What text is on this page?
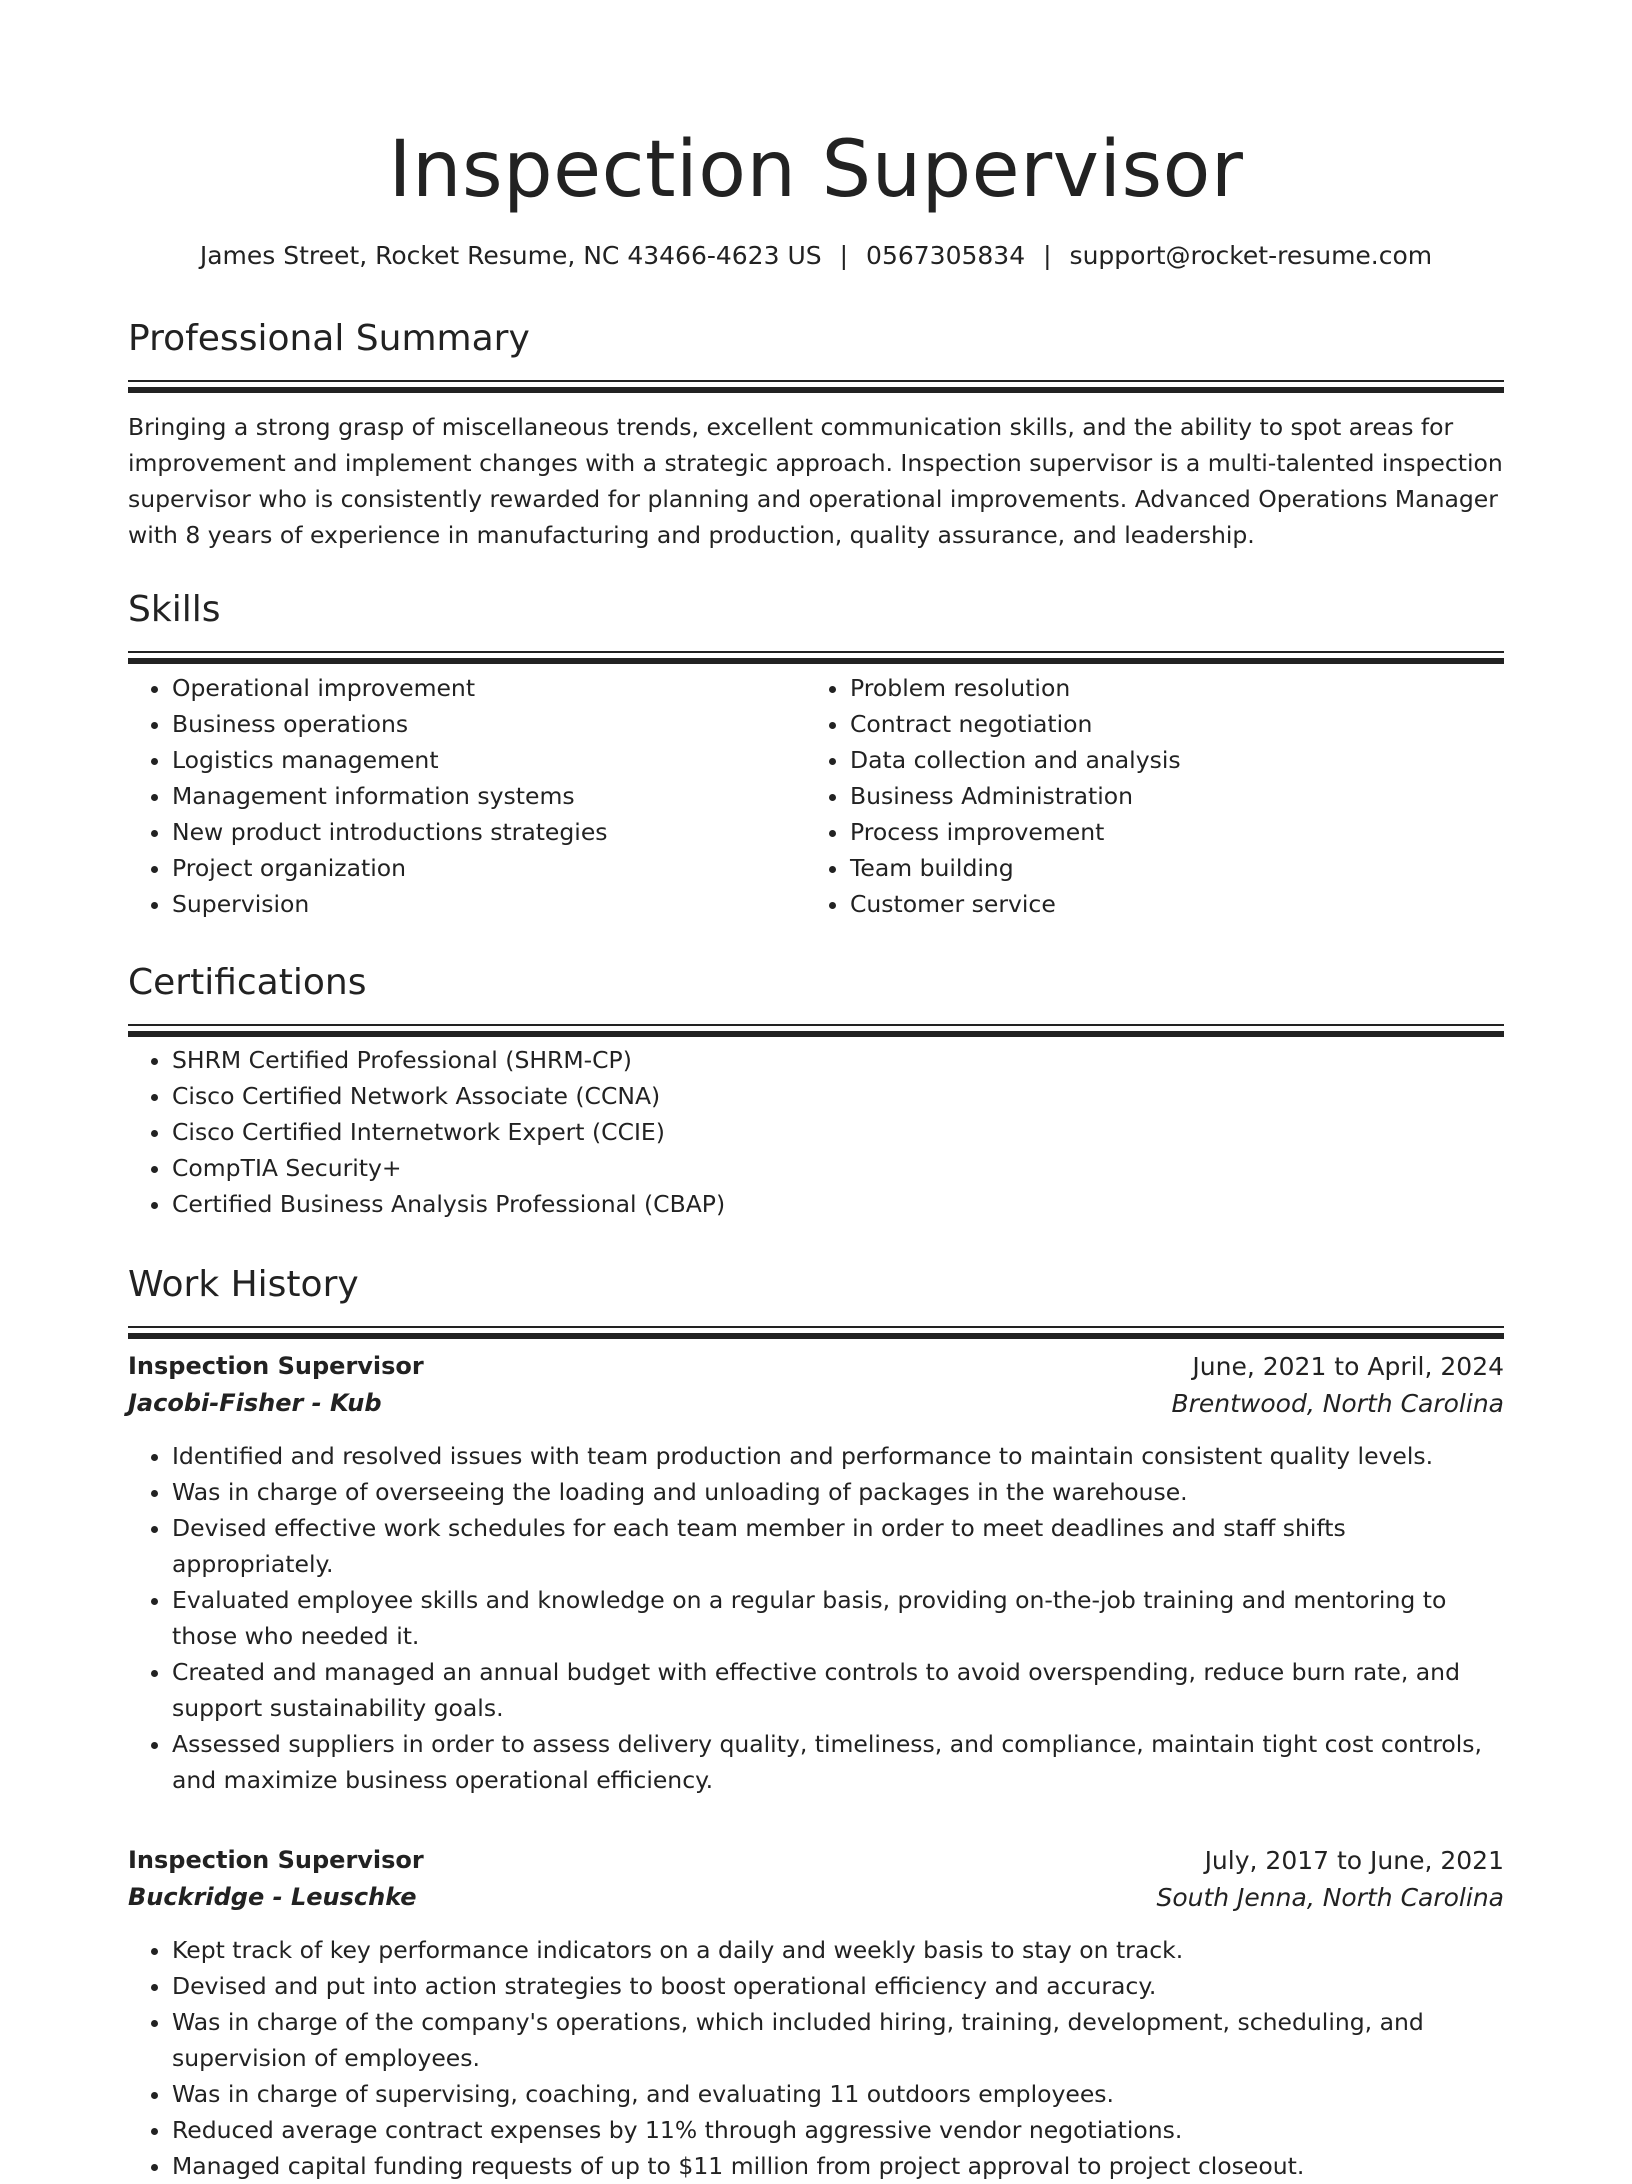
Inspection Supervisor
James Street, Rocket Resume, NC 43466-4623 US | 0567305834 | support@rocket-resume.com
Professional Summary

Bringing a strong grasp of miscellaneous trends, excellent communication skills, and the ability to spot areas for improvement and implement changes with a strategic approach. Inspection supervisor is a multi-talented inspection supervisor who is consistently rewarded for planning and operational improvements. Advanced Operations Manager with 8 years of experience in manufacturing and production, quality assurance, and leadership.

Skills
• Operational improvement
• Business operations
• Logistics management
• Management information systems
• New product introductions strategies
• Project organization
• Supervision
• Problem resolution
• Contract negotiation
• Data collection and analysis
• Business Administration
• Process improvement
• Team building
• Customer service
Certifications
• SHRM Certified Professional (SHRM-CP)
• Cisco Certified Network Associate (CCNA)
• Cisco Certified Internetwork Expert (CCIE)
• CompTIA Security+
• Certified Business Analysis Professional (CBAP)
Work History
Inspection Supervisor	June, 2021 to April, 2024
Jacobi-Fisher - Kub	Brentwood, North Carolina
• Identified and resolved issues with team production and performance to maintain consistent quality levels.
• Was in charge of overseeing the loading and unloading of packages in the warehouse.
• Devised effective work schedules for each team member in order to meet deadlines and staff shifts appropriately.
• Evaluated employee skills and knowledge on a regular basis, providing on-the-job training and mentoring to those who needed it.
• Created and managed an annual budget with effective controls to avoid overspending, reduce burn rate, and support sustainability goals.
• Assessed suppliers in order to assess delivery quality, timeliness, and compliance, maintain tight cost controls, and maximize business operational efficiency.
Inspection Supervisor	July, 2017 to June, 2021
Buckridge - Leuschke	South Jenna, North Carolina
• Kept track of key performance indicators on a daily and weekly basis to stay on track.
• Devised and put into action strategies to boost operational efficiency and accuracy.
• Was in charge of the company's operations, which included hiring, training, development, scheduling, and supervision of employees.
• Was in charge of supervising, coaching, and evaluating 11 outdoors employees.
• Reduced average contract expenses by 11% through aggressive vendor negotiations.
• Managed capital funding requests of up to $11 million from project approval to project closeout.
